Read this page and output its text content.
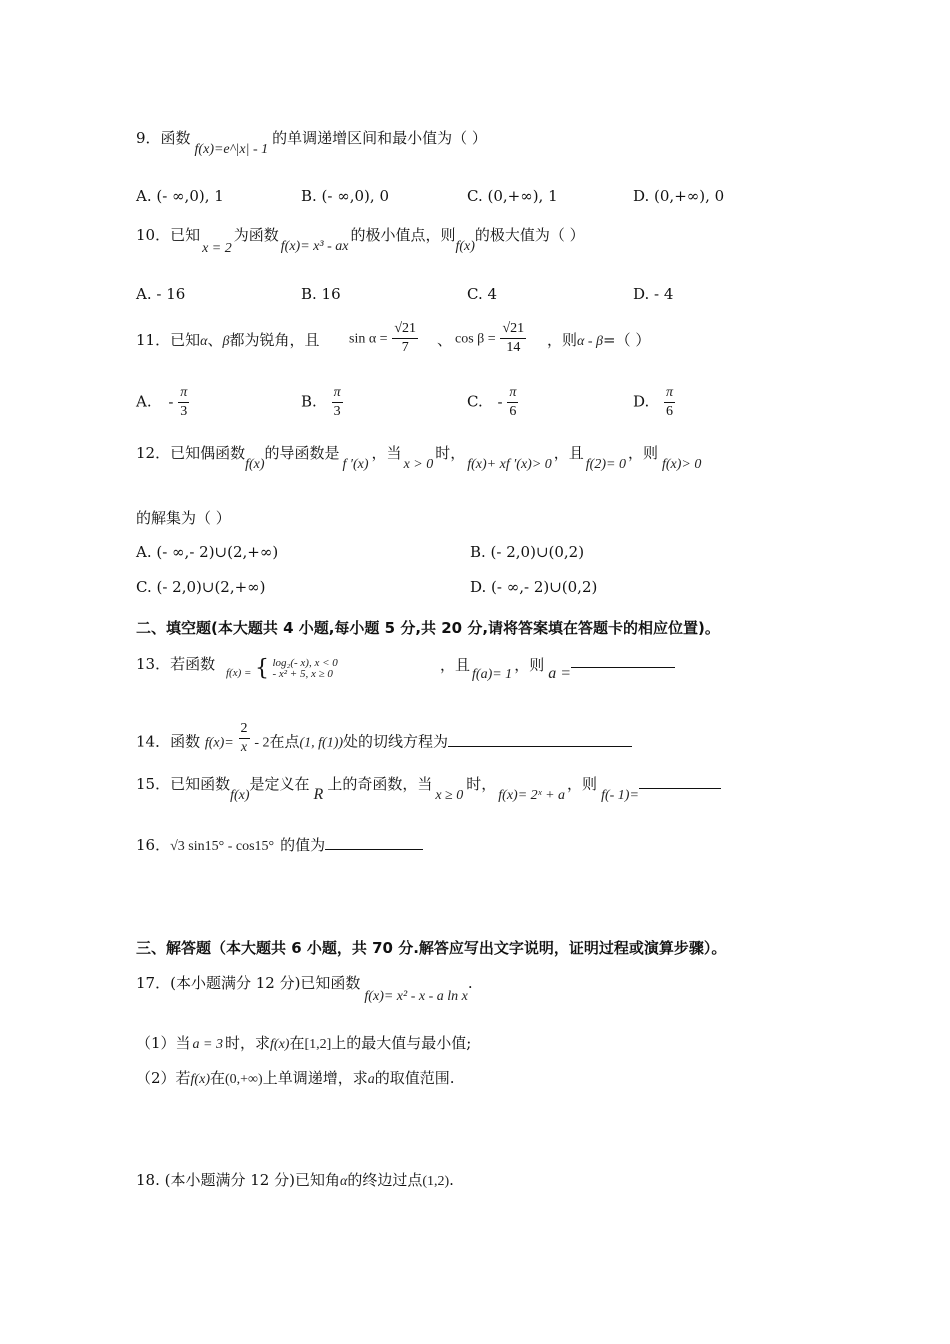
9．函数f(x)=e^|x| - 1的单调递增区间和最小值为（ ）
A. (- ∞,0), 1	B. (- ∞,0), 0	C. (0,+∞), 1	D. (0,+∞), 0
10．已知x = 2为函数f(x)= x³ - ax的极小值点，则f(x)的极大值为（ ）
A. - 16	B. 16	C. 4	D. - 4
11．已知α、β都为锐角，且 $\sin \alpha = \frac{√21}{7}$ 、 $\cos \beta = \frac{√21}{14}$ ，则α - β=（ ）
A. - $\frac{\pi}{3}$	B. $\frac{\pi}{3}$	C. - $\frac{\pi}{6}$	D. $\frac{\pi}{6}$
12．已知偶函数f(x)的导函数是f ′(x)，当x > 0时，f(x)+ xf ′(x)> 0，且f(2)= 0，则f(x)> 0
的解集为（ ）
A. (- ∞,- 2)∪(2,+∞)	B. (- 2,0)∪(0,2)
C. (- 2,0)∪(2,+∞)	D. (- ∞,- 2)∪(0,2)
二、填空题(本大题共 4 小题,每小题 5 分,共 20 分,请将答案填在答题卡的相应位置)。
13．若函数 f(x) = { log₂(- x), x < 0
- x² + 5, x ≥ 0	，且f(a)= 1，则 a =
14．函数 $f(x)= \frac{2}{x} - 2$在点(1, f(1))处的切线方程为
15．已知函数f(x)是定义在R上的奇函数，当x ≥ 0时，f(x)= 2ˣ + a，则f(- 1)=
16．√3 sin15° - cos15° 的值为
三、解答题（本大题共 6 小题，共 70 分.解答应写出文字说明，证明过程或演算步骤）。
17．(本小题满分 12 分)已知函数f(x)= x² - x - a ln x.
（1）当 a = 3 时，求f(x)在[1,2]上的最大值与最小值;
（2）若f(x)在(0,+∞)上单调递增，求a的取值范围.
18. (本小题满分 12 分)已知角α的终边过点(1,2).
